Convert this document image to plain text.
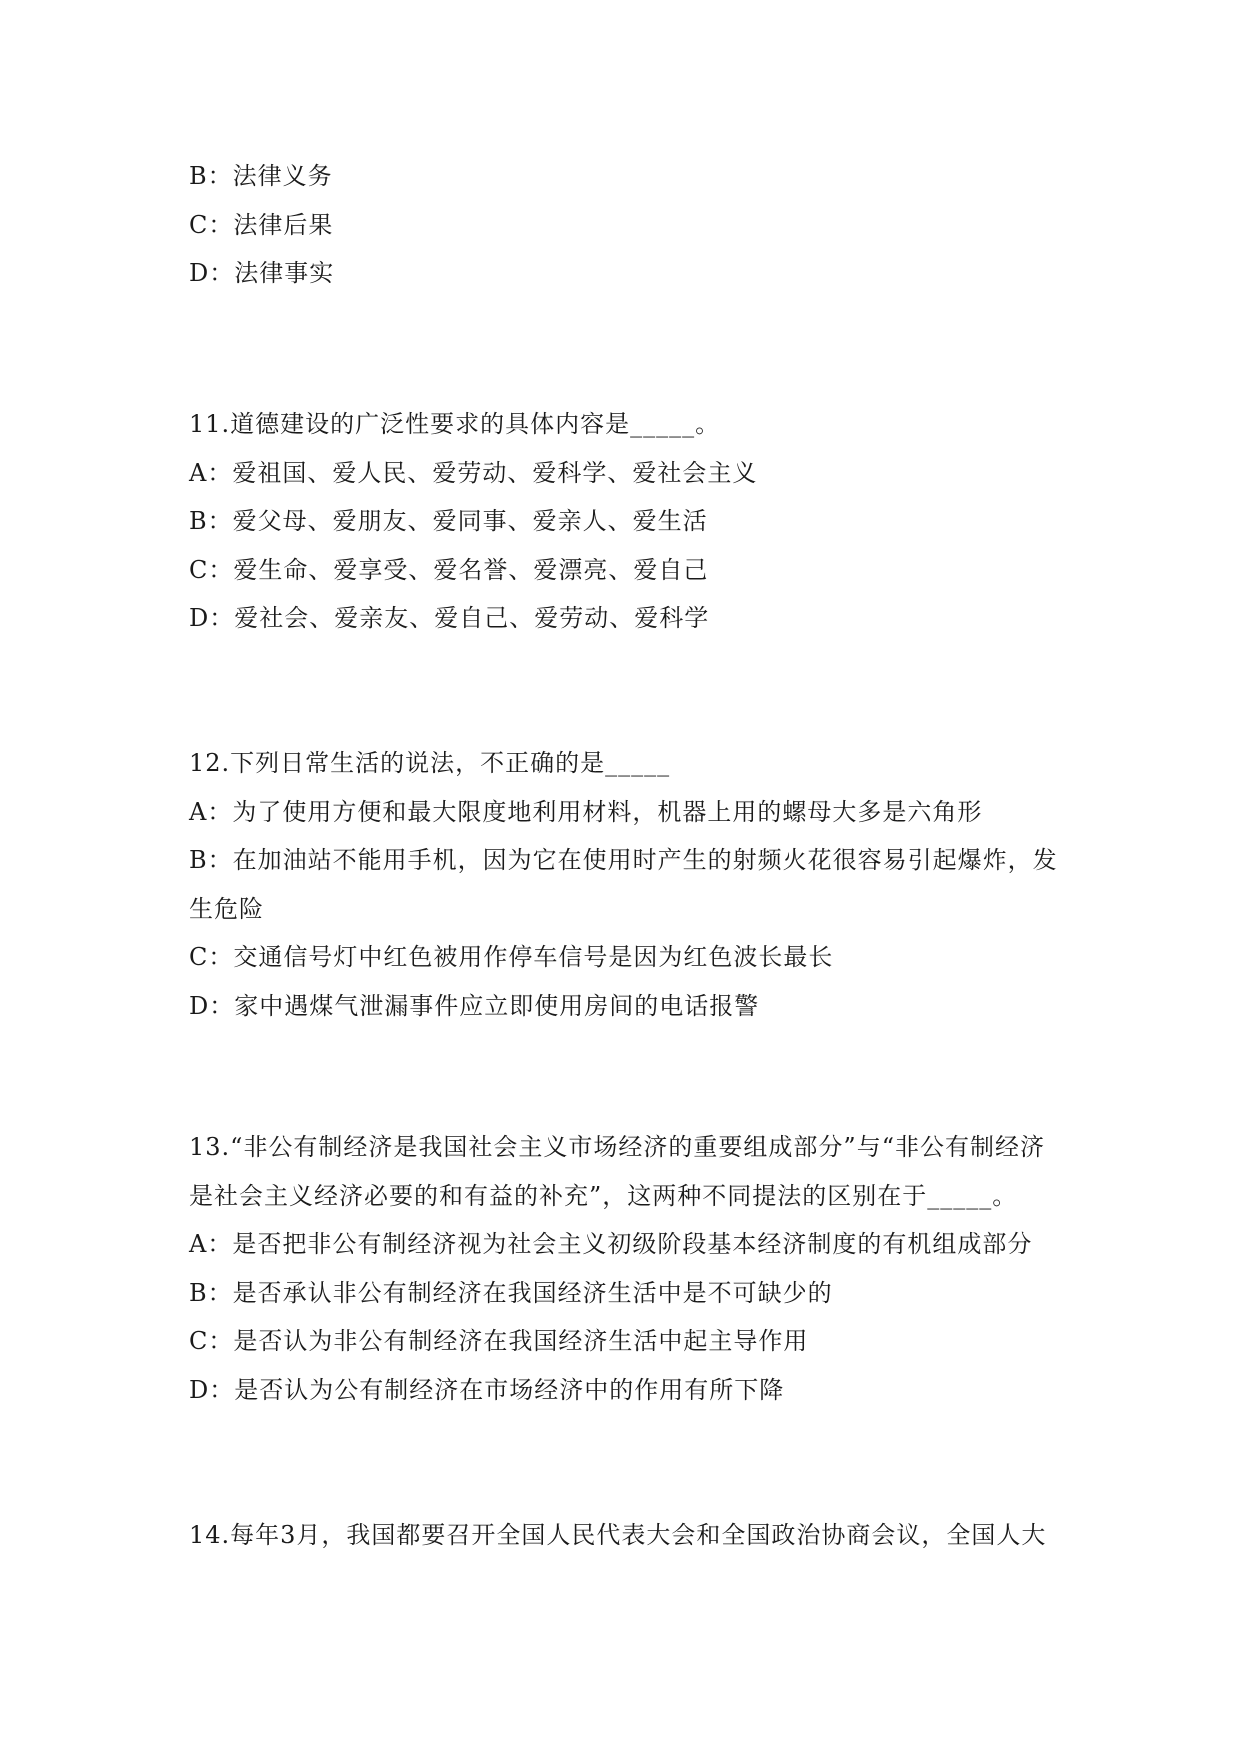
B：法律义务
C：法律后果
D：法律事实
11.道德建设的广泛性要求的具体内容是_____。
A：爱祖国、爱人民、爱劳动、爱科学、爱社会主义
B：爱父母、爱朋友、爱同事、爱亲人、爱生活
C：爱生命、爱享受、爱名誉、爱漂亮、爱自己
D：爱社会、爱亲友、爱自己、爱劳动、爱科学
12.下列日常生活的说法，不正确的是_____
A：为了使用方便和最大限度地利用材料，机器上用的螺母大多是六角形
B：在加油站不能用手机，因为它在使用时产生的射频火花很容易引起爆炸，发生危险
C：交通信号灯中红色被用作停车信号是因为红色波长最长
D：家中遇煤气泄漏事件应立即使用房间的电话报警
13.“非公有制经济是我国社会主义市场经济的重要组成部分”与“非公有制经济是社会主义经济必要的和有益的补充”，这两种不同提法的区别在于_____。
A：是否把非公有制经济视为社会主义初级阶段基本经济制度的有机组成部分
B：是否承认非公有制经济在我国经济生活中是不可缺少的
C：是否认为非公有制经济在我国经济生活中起主导作用
D：是否认为公有制经济在市场经济中的作用有所下降
14.每年3月，我国都要召开全国人民代表大会和全国政治协商会议，全国人大
